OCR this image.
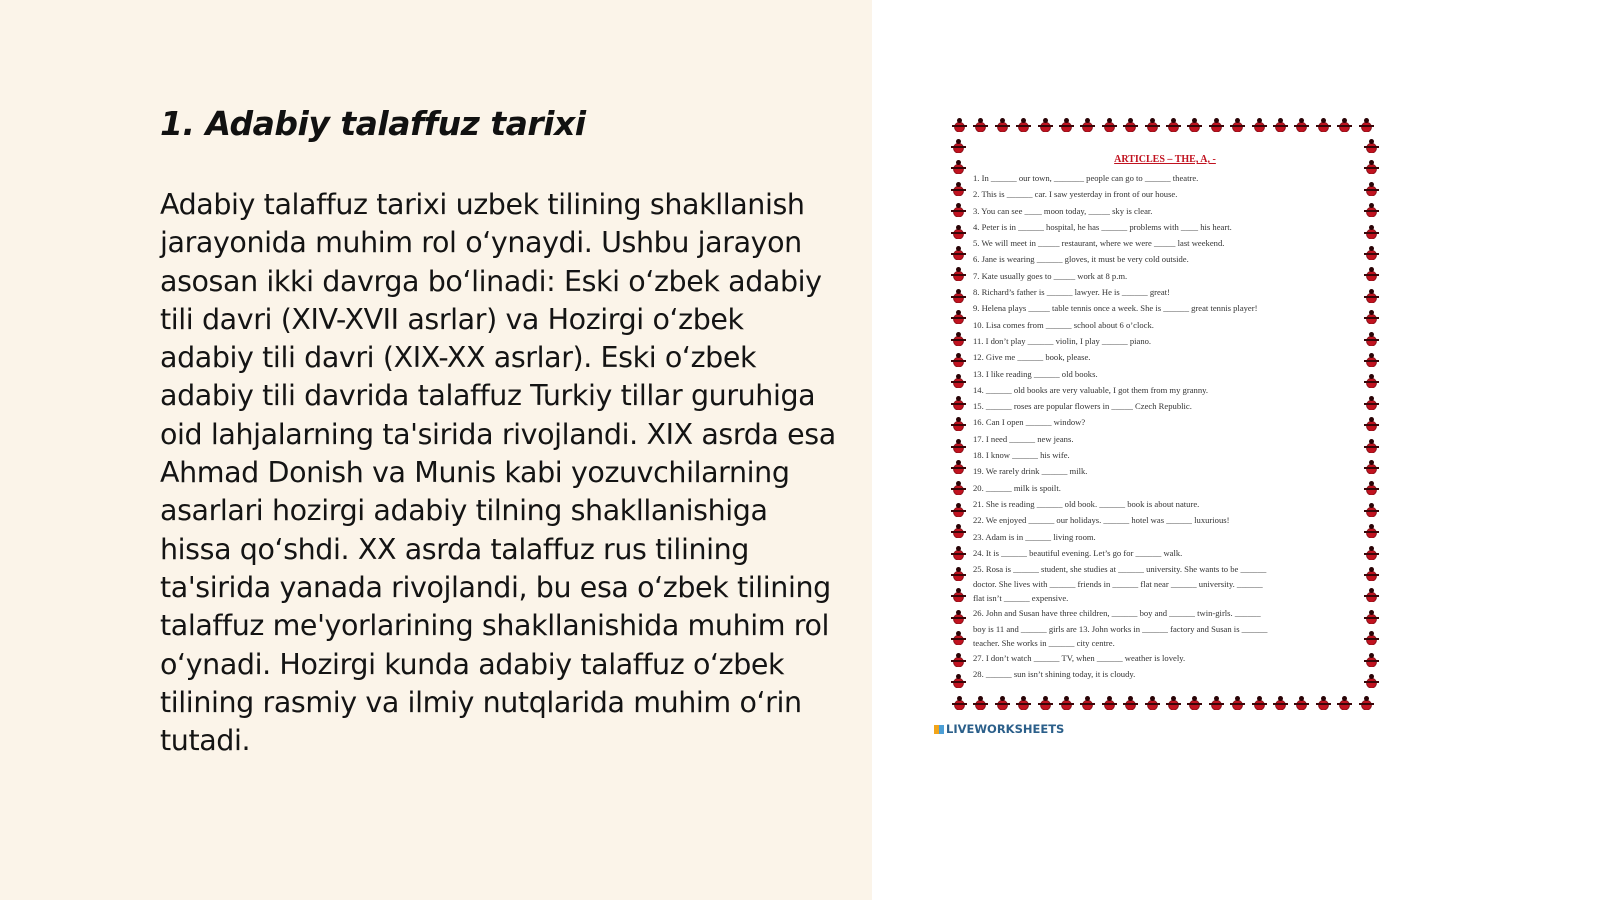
1. Adabiy talaffuz tarixi

Adabiy talaffuz tarixi uzbek tilining shakllanish jarayonida muhim rol o‘ynaydi. Ushbu jarayon asosan ikki davrga bo‘linadi: Eski o‘zbek adabiy tili davri (XIV-XVII asrlar) va Hozirgi o‘zbek adabiy tili davri (XIX-XX asrlar). Eski o‘zbek adabiy tili davrida talaffuz Turkiy tillar guruhiga oid lahjalarning ta'sirida rivojlandi. XIX asrda esa Ahmad Donish va Munis kabi yozuvchilarning asarlari hozirgi adabiy tilning shakllanishiga hissa qo‘shdi. XX asrda talaffuz rus tilining ta'sirida yanada rivojlandi, bu esa o‘zbek tilining talaffuz me'yorlarining shakllanishida muhim rol o‘ynadi. Hozirgi kunda adabiy talaffuz o‘zbek tilining rasmiy va ilmiy nutqlarida muhim o‘rin tutadi.

ARTICLES – THE, A, -
1. In ______ our town, _______ people can go to ______ theatre.
2. This is ______ car. I saw yesterday in front of our house.
3. You can see ____ moon today, _____ sky is clear.
4. Peter is in ______ hospital, he has ______ problems with ____ his heart.
5. We will meet in _____ restaurant, where we were _____ last weekend.
6. Jane is wearing ______ gloves, it must be very cold outside.
7. Kate usually goes to _____ work at 8 p.m.
8. Richard’s father is ______ lawyer. He is ______ great!
9. Helena plays _____ table tennis once a week. She is ______ great tennis player!
10. Lisa comes from ______ school about 6 o’clock.
11. I don’t play ______ violin, I play ______ piano.
12. Give me ______ book, please.
13. I like reading ______ old books.
14. ______ old books are very valuable, I got them from my granny.
15. ______ roses are popular flowers in _____ Czech Republic.
16. Can I open ______ window?
17. I need ______ new jeans.
18. I know ______ his wife.
19. We rarely drink ______ milk.
20. ______ milk is spoilt.
21. She is reading ______ old book. ______ book is about nature.
22. We enjoyed ______ our holidays. ______ hotel was ______ luxurious!
23. Adam is in ______ living room.
24. It is ______ beautiful evening. Let’s go for ______ walk.
25. Rosa is ______ student, she studies at ______ university. She wants to be ______
doctor. She lives with ______ friends in ______ flat near ______ university. ______
flat isn’t ______ expensive.
26. John and Susan have three children, ______ boy and ______ twin-girls. ______
boy is 11 and ______ girls are 13. John works in ______ factory and Susan is ______
teacher. She works in ______ city centre.
27. I don’t watch ______ TV, when ______ weather is lovely.
28. ______ sun isn’t shining today, it is cloudy.
LIVEWORKSHEETS
